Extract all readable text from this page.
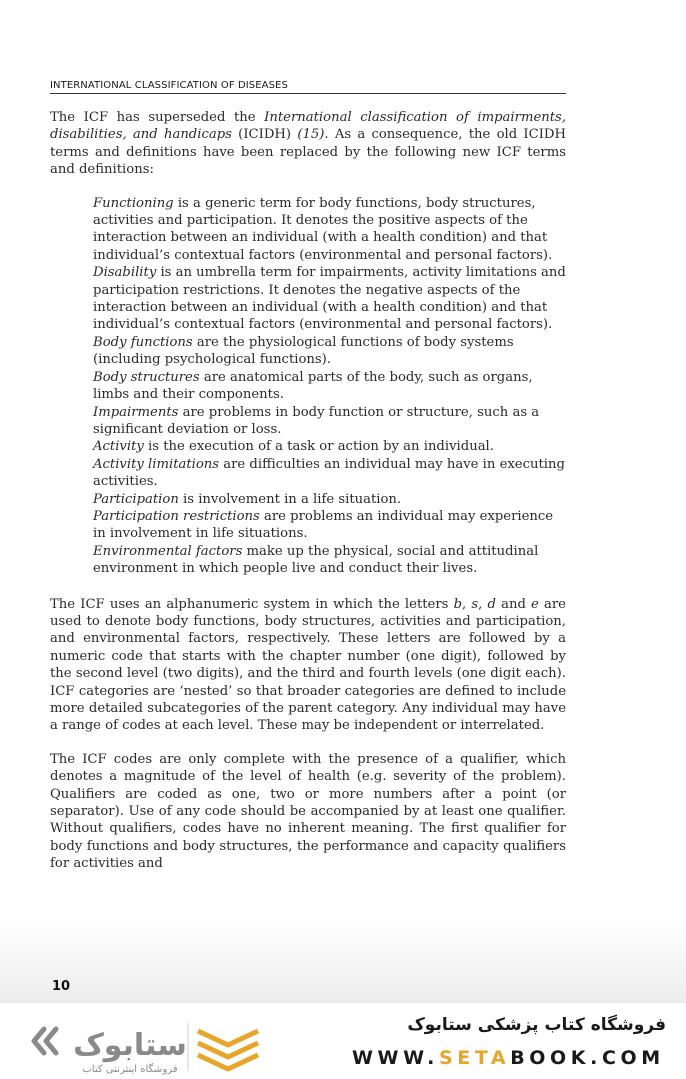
INTERNATIONAL CLASSIFICATION OF DISEASES

The ICF has superseded the International classification of impairments, disabilities, and handicaps (ICIDH) (15). As a consequence, the old ICIDH terms and definitions have been replaced by the following new ICF terms and definitions:

Functioning is a generic term for body functions, body structures, activities and participation. It denotes the positive aspects of the interaction between an individual (with a health condition) and that individual’s contextual factors (environmental and personal factors).

Disability is an umbrella term for impairments, activity limitations and participation restrictions. It denotes the negative aspects of the interaction between an individual (with a health condition) and that individual’s contextual factors (environmental and personal factors).

Body functions are the physiological functions of body systems (including psychological functions).

Body structures are anatomical parts of the body, such as organs, limbs and their components.

Impairments are problems in body function or structure, such as a significant deviation or loss.

Activity is the execution of a task or action by an individual.

Activity limitations are difficulties an individual may have in executing activities.

Participation is involvement in a life situation.

Participation restrictions are problems an individual may experience in involvement in life situations.

Environmental factors make up the physical, social and attitudinal environment in which people live and conduct their lives.

The ICF uses an alphanumeric system in which the letters b, s, d and e are used to denote body functions, body structures, activities and participation, and environmental factors, respectively. These letters are followed by a numeric code that starts with the chapter number (one digit), followed by the second level (two digits), and the third and fourth levels (one digit each). ICF categories are ‘nested’ so that broader categories are defined to include more detailed subcategories of the parent category. Any individual may have a range of codes at each level. These may be independent or interrelated.

The ICF codes are only complete with the presence of a qualifier, which denotes a magnitude of the level of health (e.g. severity of the problem). Qualifiers are coded as one, two or more numbers after a point (or separator). Use of any code should be accompanied by at least one qualifier. Without qualifiers, codes have no inherent meaning. The first qualifier for body functions and body structures, the performance and capacity qualifiers for activities and

10
ستابوک
فروشگاه اینترنتی کتاب
فروشگاه کتاب پزشکی ستابوک
WWW.SETABOOK.COM
